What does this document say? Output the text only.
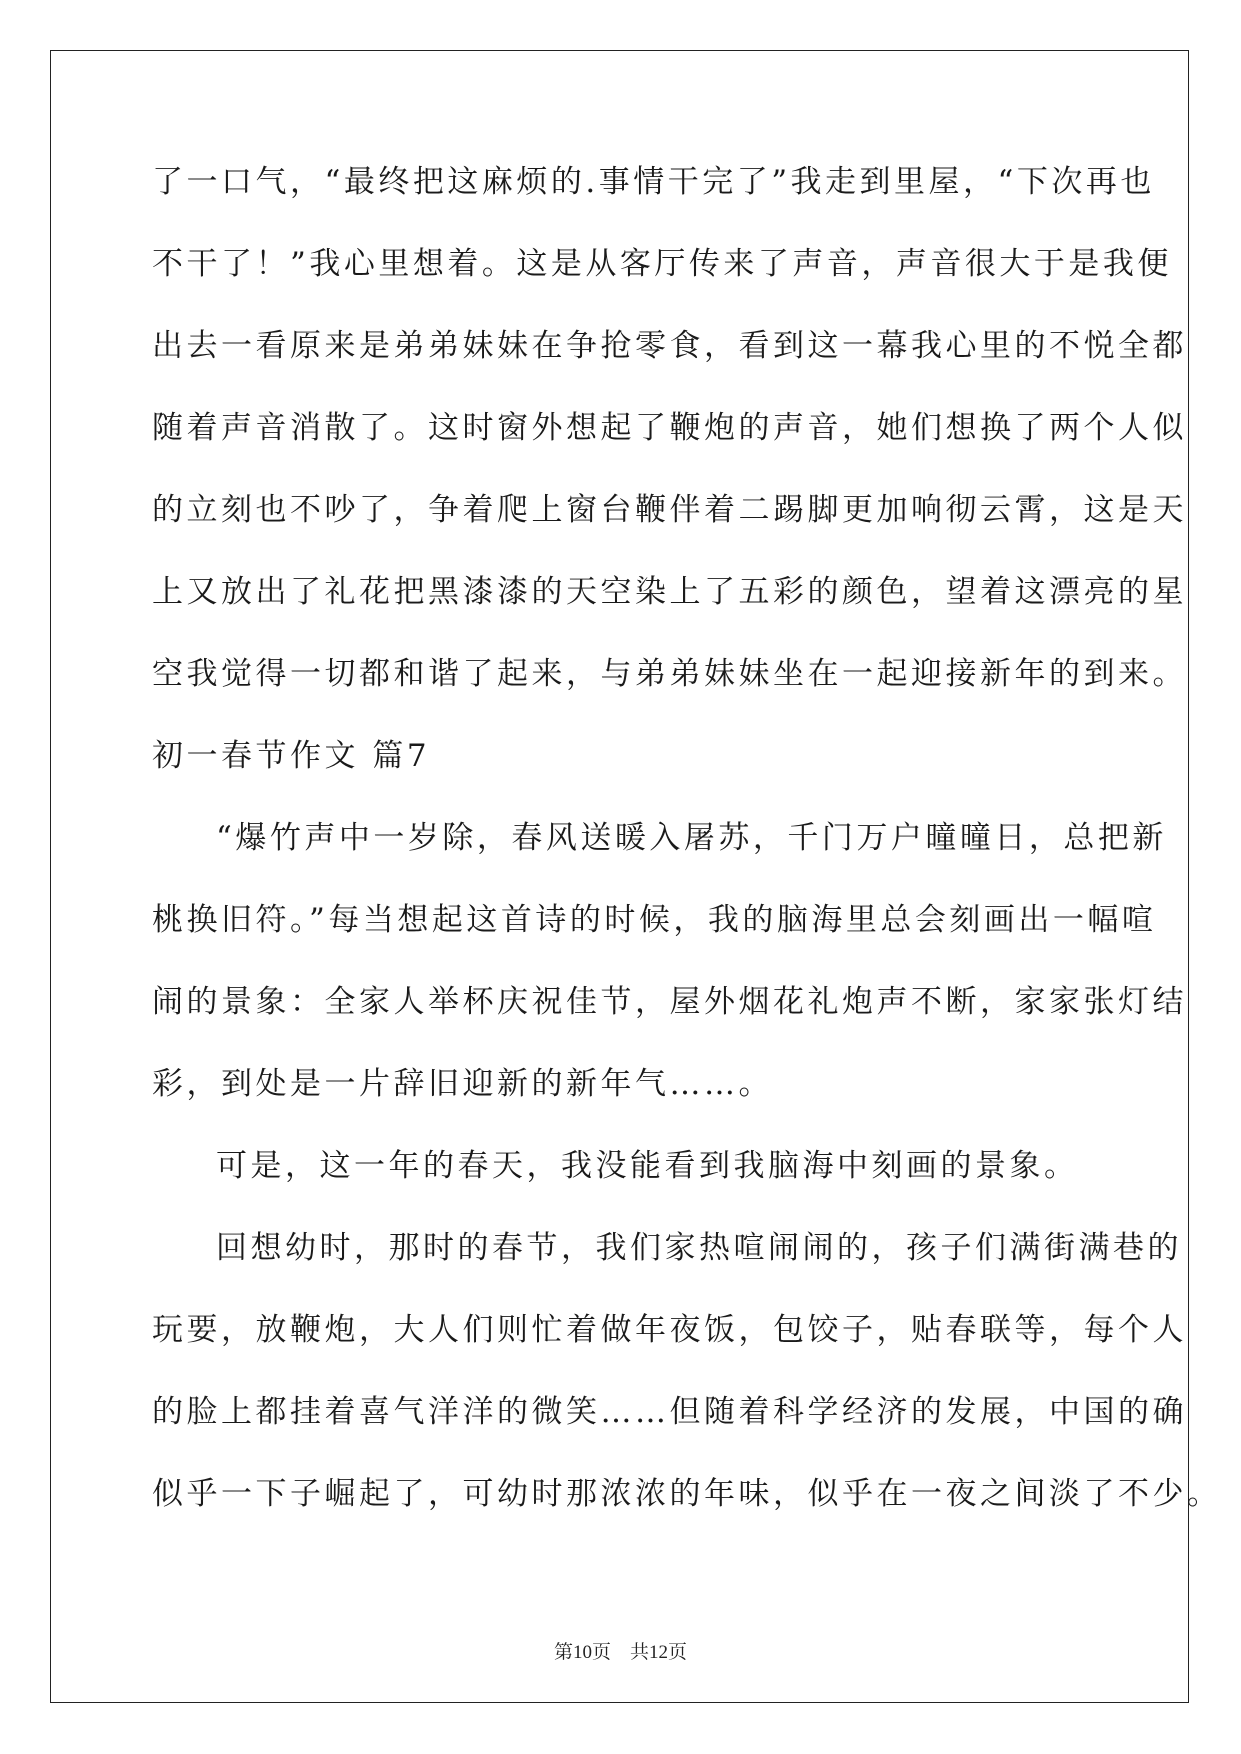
了一口气，“最终把这麻烦的.事情干完了”我走到里屋，“下次再也
不干了！”我心里想着。这是从客厅传来了声音，声音很大于是我便
出去一看原来是弟弟妹妹在争抢零食，看到这一幕我心里的不悦全都
随着声音消散了。这时窗外想起了鞭炮的声音，她们想换了两个人似
的立刻也不吵了，争着爬上窗台鞭伴着二踢脚更加响彻云霄，这是天
上又放出了礼花把黑漆漆的天空染上了五彩的颜色，望着这漂亮的星
空我觉得一切都和谐了起来，与弟弟妹妹坐在一起迎接新年的到来。
初一春节作文 篇7
“爆竹声中一岁除，春风送暖入屠苏，千门万户曈曈日，总把新
桃换旧符。”每当想起这首诗的时候，我的脑海里总会刻画出一幅喧
闹的景象：全家人举杯庆祝佳节，屋外烟花礼炮声不断，家家张灯结
彩，到处是一片辞旧迎新的新年气……。
可是，这一年的春天，我没能看到我脑海中刻画的景象。
回想幼时，那时的春节，我们家热喧闹闹的，孩子们满街满巷的
玩要，放鞭炮，大人们则忙着做年夜饭，包饺子，贴春联等，每个人
的脸上都挂着喜气洋洋的微笑……但随着科学经济的发展，中国的确
似乎一下子崛起了，可幼时那浓浓的年味，似乎在一夜之间淡了不少。
第10页　共12页
